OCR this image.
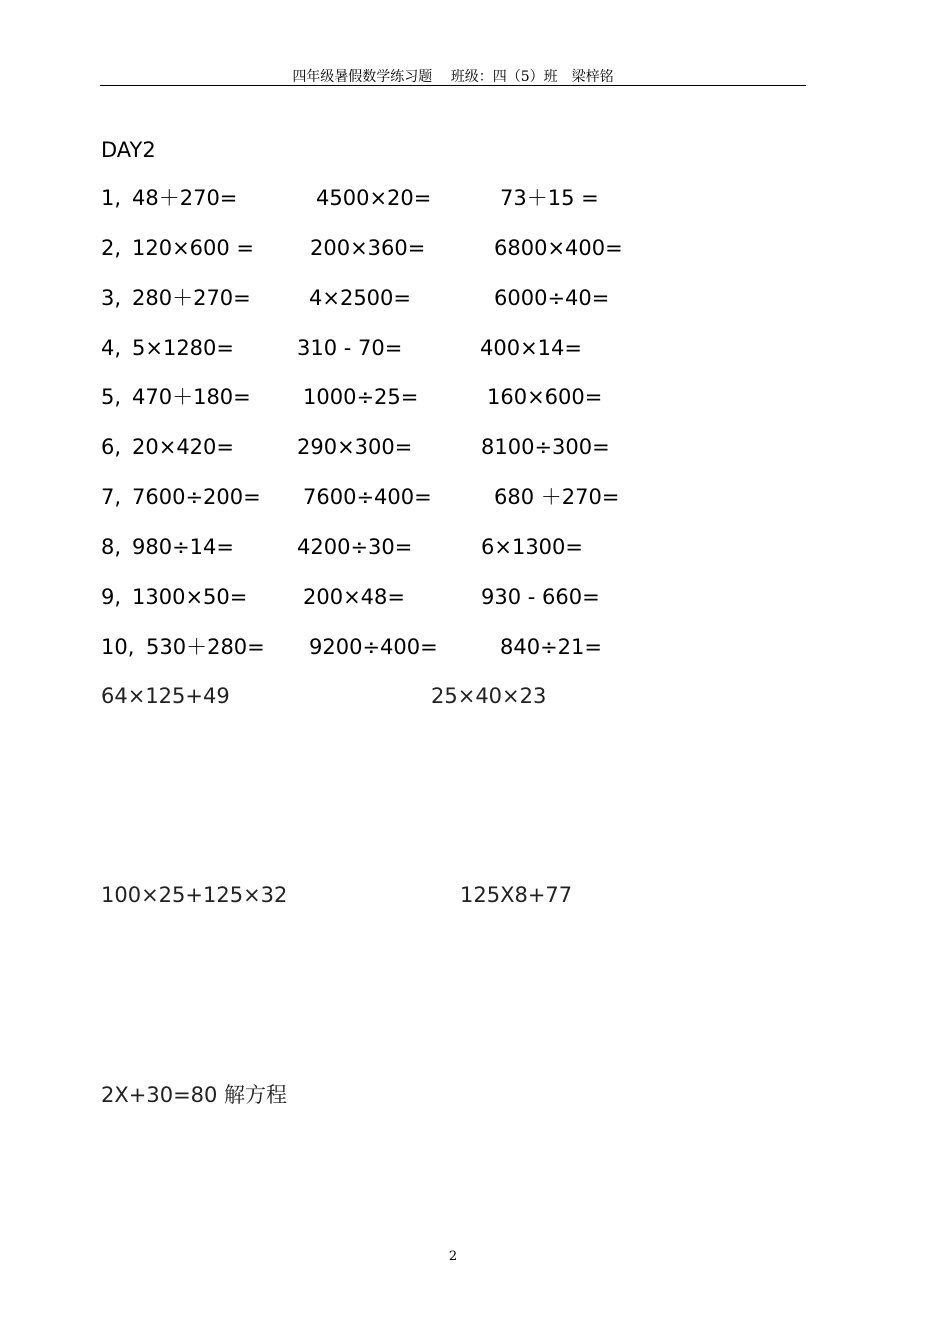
四年级暑假数学练习题　 班级：四（5）班　梁梓铭
DAY2
1, 48＋270=	4500×20=	73＋15 =
2, 120×600 =	200×360=	6800×400=
3, 280＋270=	4×2500=	6000÷40=
4, 5×1280=	310 - 70=	400×14=
5, 470＋180= 1000÷25=	160×600=
6, 20×420=	290×300=	8100÷300=
7, 7600÷200= 7600÷400=	680 ＋270=
8, 980÷14=	4200÷30=	6×1300=
9, 1300×50=	200×48=	930 - 660=
10, 530＋280= 9200÷400=	840÷21=
64×125+49	25×40×23
100×25+125×32	125X8+77
2X+30=80 解方程
2
